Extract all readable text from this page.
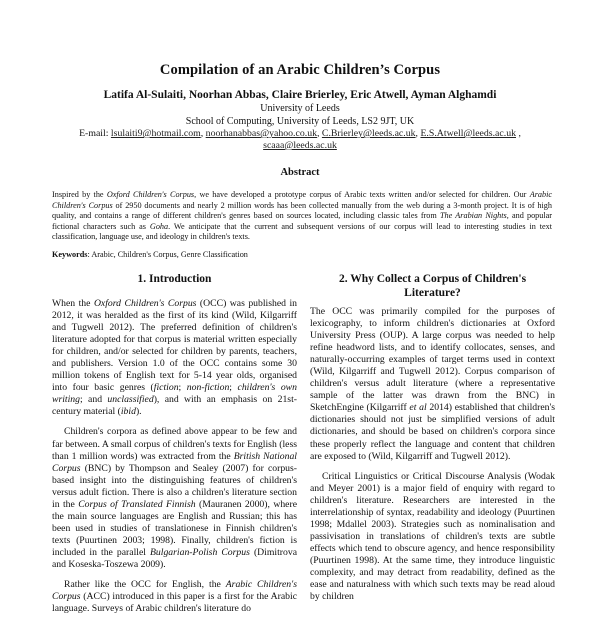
Compilation of an Arabic Children’s Corpus
Latifa Al-Sulaiti, Noorhan Abbas, Claire Brierley, Eric Atwell, Ayman Alghamdi
University of Leeds
School of Computing, University of Leeds, LS2 9JT, UK
E-mail: lsulaiti9@hotmail.com, noorhanabbas@yahoo.co.uk, C.Brierley@leeds.ac.uk, E.S.Atwell@leeds.ac.uk ,
scaaa@leeds.ac.uk
Abstract

Inspired by the Oxford Children's Corpus, we have developed a prototype corpus of Arabic texts written and/or selected for children. Our Arabic Children's Corpus of 2950 documents and nearly 2 million words has been collected manually from the web during a 3-month project. It is of high quality, and contains a range of different children's genres based on sources located, including classic tales from The Arabian Nights, and popular fictional characters such as Goha. We anticipate that the current and subsequent versions of our corpus will lead to interesting studies in text classification, language use, and ideology in children's texts.

Keywords: Arabic, Children's Corpus, Genre Classification

1. Introduction

When the Oxford Children's Corpus (OCC) was published in 2012, it was heralded as the first of its kind (Wild, Kilgarriff and Tugwell 2012). The preferred definition of children's literature adopted for that corpus is material written especially for children, and/or selected for children by parents, teachers, and publishers. Version 1.0 of the OCC contains some 30 million tokens of English text for 5-14 year olds, organised into four basic genres (fiction; non-fiction; children's own writing; and unclassified), and with an emphasis on 21st-century material (ibid).

Children's corpora as defined above appear to be few and far between. A small corpus of children's texts for English (less than 1 million words) was extracted from the British National Corpus (BNC) by Thompson and Sealey (2007) for corpus-based insight into the distinguishing features of children's versus adult fiction. There is also a children's literature section in the Corpus of Translated Finnish (Mauranen 2000), where the main source languages are English and Russian; this has been used in studies of translationese in Finnish children's texts (Puurtinen 2003; 1998). Finally, children's fiction is included in the parallel Bulgarian-Polish Corpus (Dimitrova and Koseska-Toszewa 2009).

Rather like the OCC for English, the Arabic Children's Corpus (ACC) introduced in this paper is a first for the Arabic language. Surveys of Arabic children's literature do

2. Why Collect a Corpus of Children's Literature?

The OCC was primarily compiled for the purposes of lexicography, to inform children's dictionaries at Oxford University Press (OUP). A large corpus was needed to help refine headword lists, and to identify collocates, senses, and naturally-occurring examples of target terms used in context (Wild, Kilgarriff and Tugwell 2012). Corpus comparison of children's versus adult literature (where a representative sample of the latter was drawn from the BNC) in SketchEngine (Kilgarriff et al 2014) established that children's dictionaries should not just be simplified versions of adult dictionaries, and should be based on children's corpora since these properly reflect the language and content that children are exposed to (Wild, Kilgarriff and Tugwell 2012).

Critical Linguistics or Critical Discourse Analysis (Wodak and Meyer 2001) is a major field of enquiry with regard to children's literature. Researchers are interested in the interrelationship of syntax, readability and ideology (Puurtinen 1998; Mdallel 2003). Strategies such as nominalisation and passivisation in translations of children's texts are subtle effects which tend to obscure agency, and hence responsibility (Puurtinen 1998). At the same time, they introduce linguistic complexity, and may detract from readability, defined as the ease and naturalness with which such texts may be read aloud by children
